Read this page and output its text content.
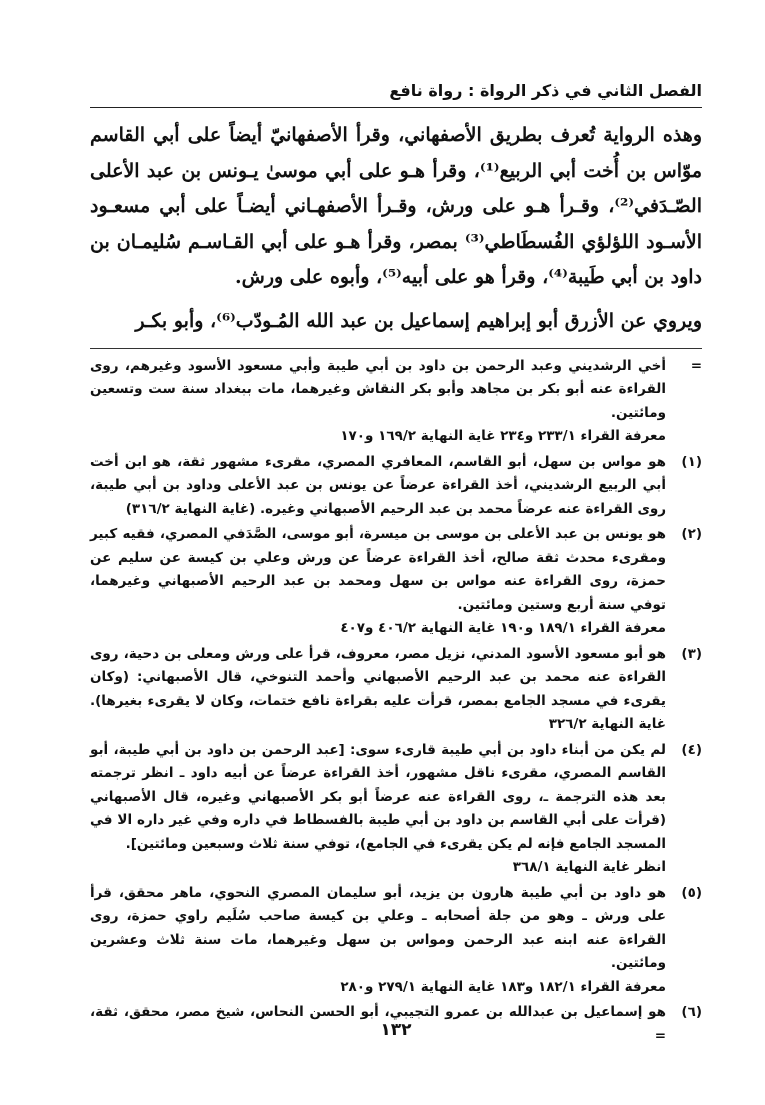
الفصل الثاني في ذكر الرواة : رواة نافع

وهذه الرواية تُعرف بطريق الأصفهاني، وقرأ الأصفهانيّ أيضاً على أبي القاسم موّاس بن أُخت أبي الربيع⁽¹⁾، وقرأ هـو على أبي موسىٰ يـونس بن عبد الأعلى الصّـدَفي⁽²⁾، وقـرأ هـو على ورش، وقـرأ الأصفهـاني أيضـاً على أبي مسعـود الأسـود اللؤلؤي الفُسطَاطي⁽³⁾ بمصر، وقرأ هـو على أبي القـاسـم سُليمـان بن داود بن أبي طَيبة⁽⁴⁾، وقرأ هو على أبيه⁽⁵⁾، وأبوه على ورش.

ويروي عن الأزرق أبو إبراهيم إسماعيل بن عبد الله المُـودّب⁽⁶⁾، وأبو بكـر

=

أخي الرشديني وعبد الرحمن بن داود بن أبي طيبة وأبي مسعود الأسود وغيرهم، روى القراءة عنه أبو بكر بن مجاهد وأبو بكر النقاش وغيرهما، مات ببغداد سنة ست وتسعين ومائتين.

معرفة القراء ٢٣٣/١ و٢٣٤ غاية النهاية ١٦٩/٢ و١٧٠

(١)

هو مواس بن سهل، أبو القاسم، المعافري المصري، مقرىء مشهور ثقة، هو ابن أخت أبي الربيع الرشديني، أخذ القراءة عرضاً عن يونس بن عبد الأعلى وداود بن أبي طيبة، روى القراءة عنه عرضاً محمد بن عبد الرحيم الأصبهاني وغيره. (غاية النهاية ٣١٦/٢)

(٢)

هو يونس بن عبد الأعلى بن موسى بن ميسرة، أبو موسى، الصَّدَفي المصري، فقيه كبير ومقرىء محدث ثقة صالح، أخذ القراءة عرضاً عن ورش وعلي بن كيسة عن سليم عن حمزة، روى القراءة عنه مواس بن سهل ومحمد بن عبد الرحيم الأصبهاني وغيرهما، توفي سنة أربع وستين ومائتين.

معرفة القراء ١٨٩/١ و١٩٠ غاية النهاية ٤٠٦/٢ و٤٠٧

(٣)

هو أبو مسعود الأسود المدني، نزيل مصر، معروف، قرأ على ورش ومعلى بن دحية، روى القراءة عنه محمد بن عبد الرحيم الأصبهاني وأحمد التنوخي، قال الأصبهاني: (وكان يقرىء في مسجد الجامع بمصر، قرأت عليه بقراءة نافع ختمات، وكان لا يقرىء بغيرها). غاية النهاية ٣٢٦/٢

(٤)

لم يكن من أبناء داود بن أبي طيبة قارىء سوى: [عبد الرحمن بن داود بن أبي طيبة، أبو القاسم المصري، مقرىء ناقل مشهور، أخذ القراءة عرضاً عن أبيه داود ـ انظر ترجمته بعد هذه الترجمة ـ، روى القراءة عنه عرضاً أبو بكر الأصبهاني وغيره، قال الأصبهاني (قرأت على أبي القاسم بن داود بن أبي طيبة بالفسطاط في داره وفي غير داره الا في المسجد الجامع فإنه لم يكن يقرىء في الجامع)، توفي سنة ثلاث وسبعين ومائتين].

انظر غاية النهاية ٣٦٨/١

(٥)

هو داود بن أبي طيبة هارون بن يزيد، أبو سليمان المصري النحوي، ماهر محقق، قرأ على ورش ـ وهو من جلة أصحابه ـ وعلي بن كيسة صاحب سُلَيم راوي حمزة، روى القراءة عنه ابنه عبد الرحمن ومواس بن سهل وغيرهما، مات سنة ثلاث وعشرين ومائتين.

معرفة القراء ١٨٢/١ و١٨٣ غاية النهاية ٢٧٩/١ و٢٨٠

(٦)

هو إسماعيل بن عبدالله بن عمرو التجيبي، أبو الحسن النحاس، شيخ مصر، محقق، ثقة، =

١٣٢
